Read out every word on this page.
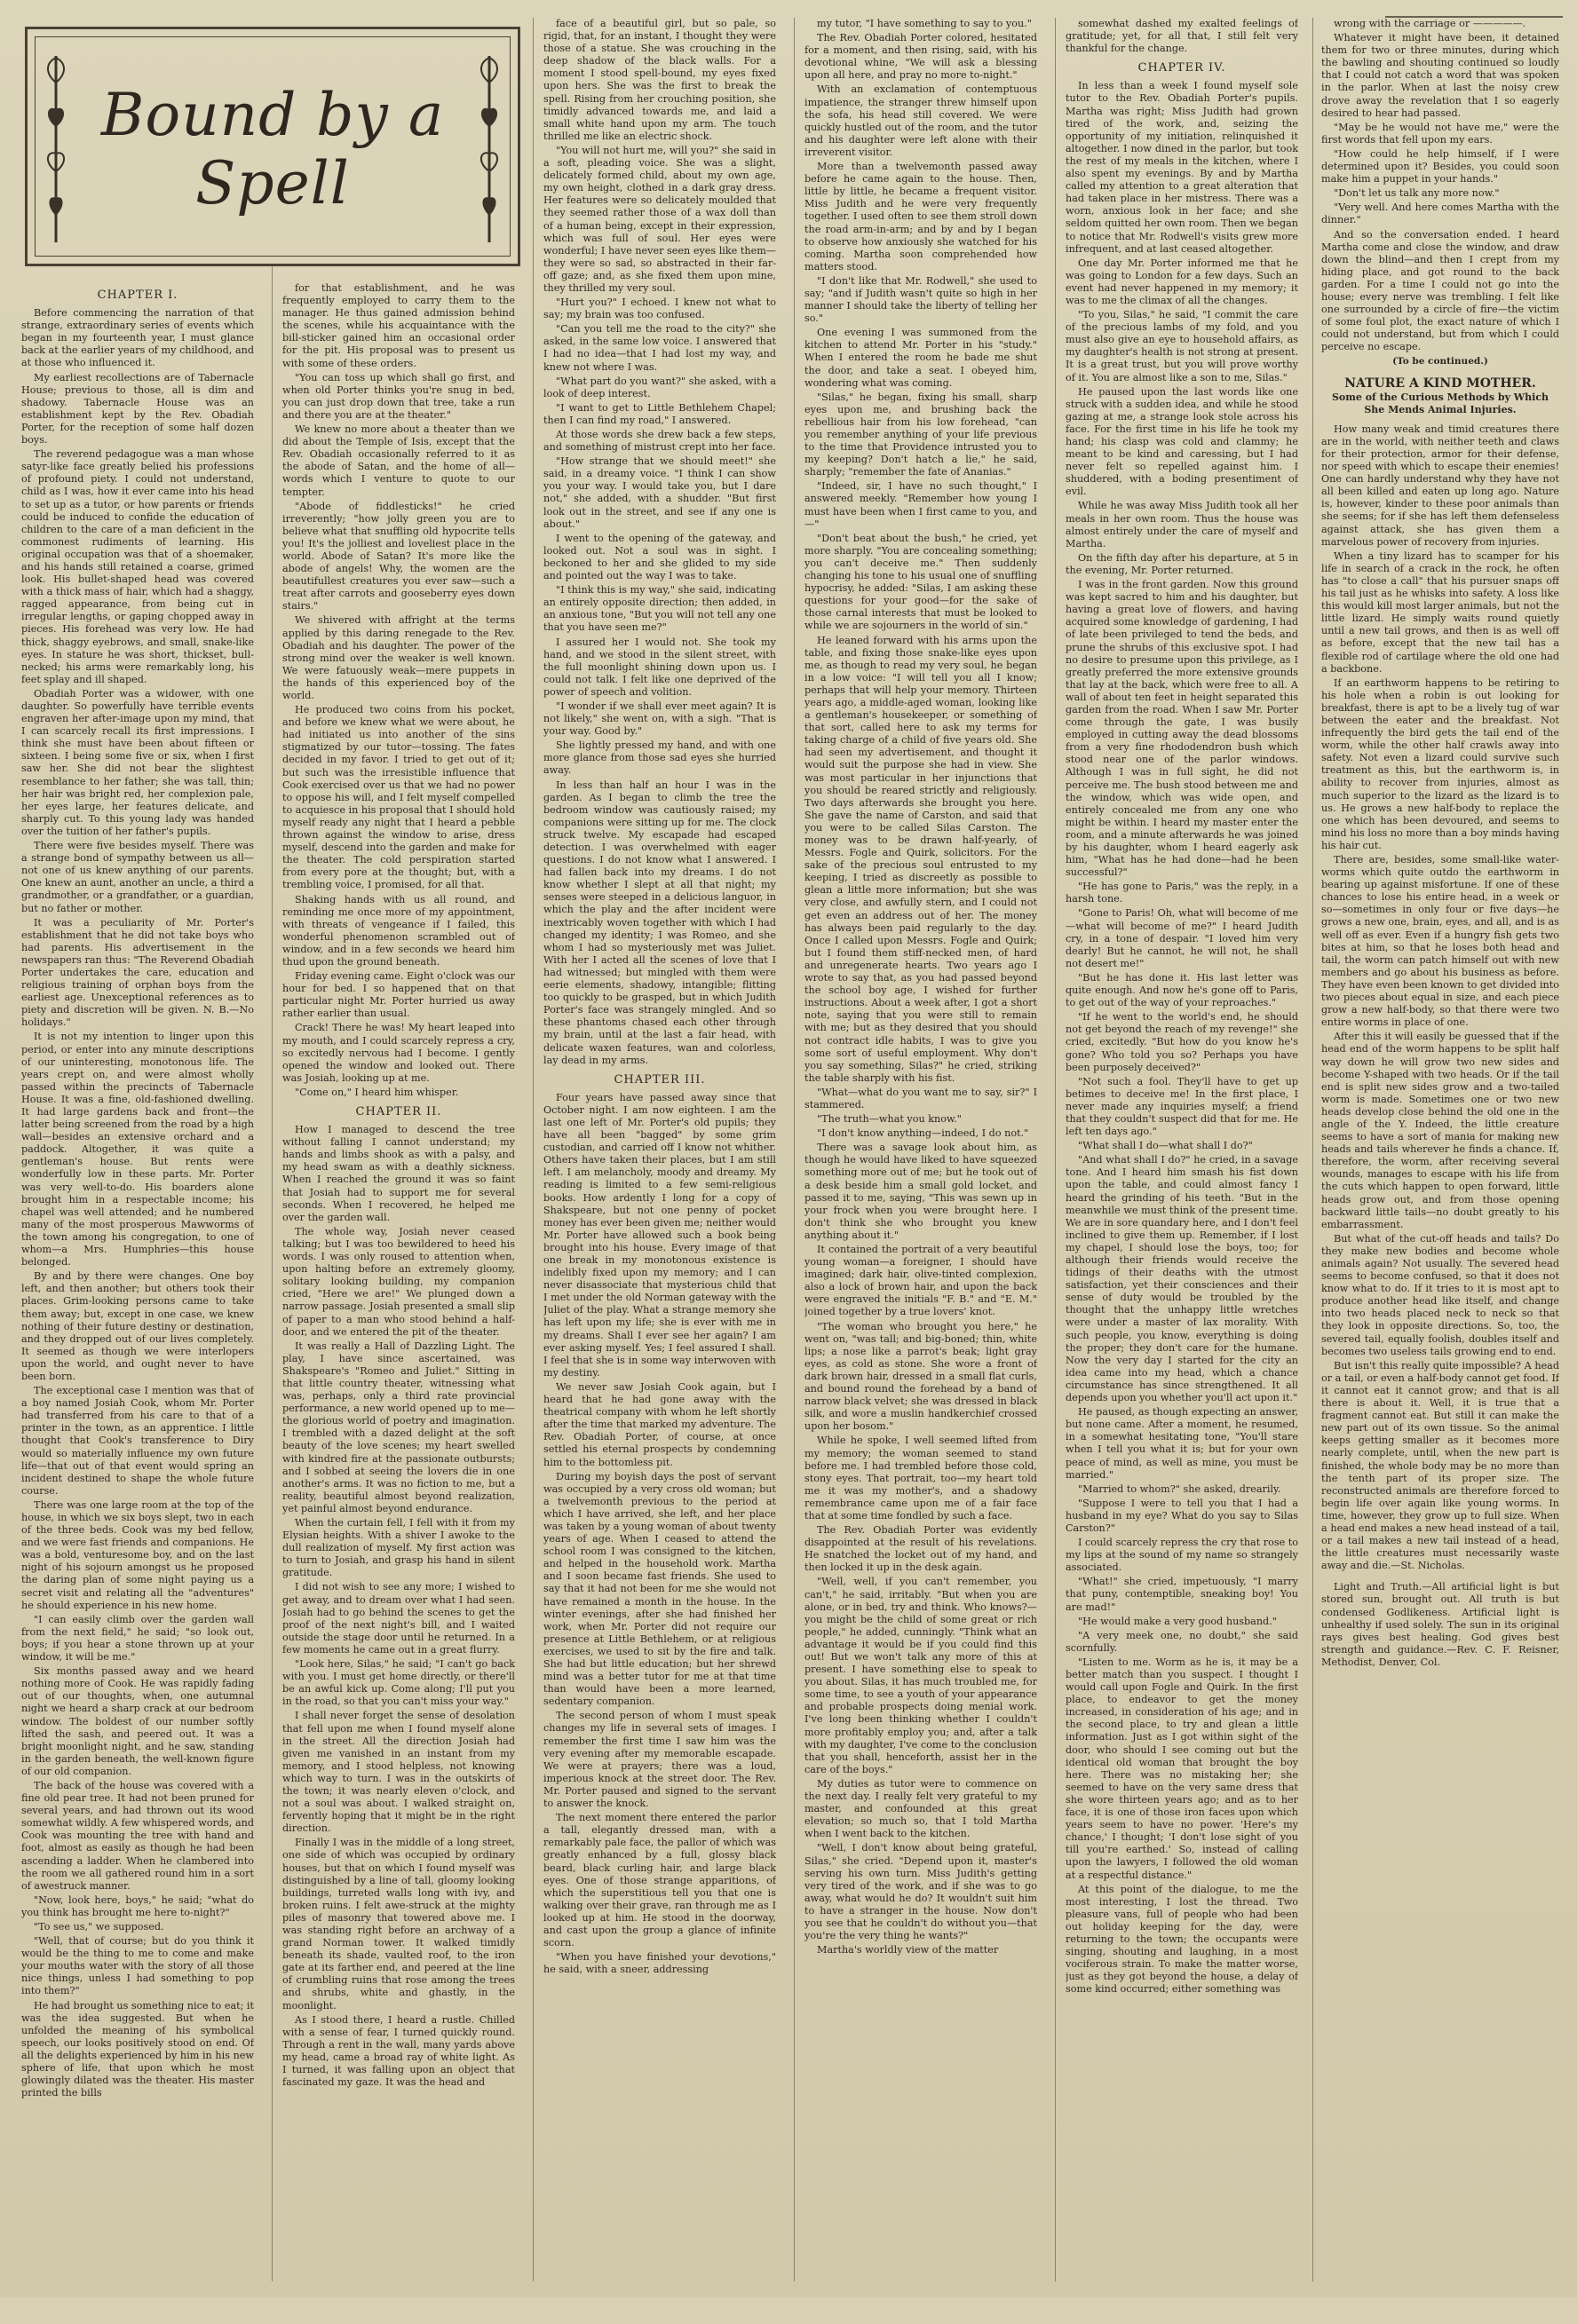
Bound by a Spell
CHAPTER I.

Before commencing the narration of that strange, extraordinary series of events which began in my fourteenth year, I must glance back at the earlier years of my childhood, and at those who influenced it.

My earliest recollections are of Tabernacle House; previous to those, all is dim and shadowy. Tabernacle House was an establishment kept by the Rev. Obadiah Porter, for the reception of some half dozen boys.

The reverend pedagogue was a man whose satyr-like face greatly belied his professions of profound piety. I could not understand, child as I was, how it ever came into his head to set up as a tutor, or how parents or friends could be induced to confide the education of children to the care of a man deficient in the commonest rudiments of learning. His original occupation was that of a shoemaker, and his hands still retained a coarse, grimed look. His bullet-shaped head was covered with a thick mass of hair, which had a shaggy, ragged appearance, from being cut in irregular lengths, or gaping chopped away in pieces. His forehead was very low. He had thick, shaggy eyebrows, and small, snake-like eyes. In stature he was short, thickset, bull-necked; his arms were remarkably long, his feet splay and ill shaped.

Obadiah Porter was a widower, with one daughter. So powerfully have terrible events engraven her after-image upon my mind, that I can scarcely recall its first impressions. I think she must have been about fifteen or sixteen. I being some five or six, when I first saw her. She did not bear the slightest resemblance to her father; she was tall, thin; her hair was bright red, her complexion pale, her eyes large, her features delicate, and sharply cut. To this young lady was handed over the tuition of her father's pupils.

There were five besides myself. There was a strange bond of sympathy between us all—not one of us knew anything of our parents. One knew an aunt, another an uncle, a third a grandmother, or a grandfather, or a guardian, but no father or mother.

It was a peculiarity of Mr. Porter's establishment that he did not take boys who had parents. His advertisement in the newspapers ran thus: "The Reverend Obadiah Porter undertakes the care, education and religious training of orphan boys from the earliest age. Unexceptional references as to piety and discretion will be given. N. B.—No holidays."

It is not my intention to linger upon this period, or enter into any minute descriptions of our uninteresting, monotonous life. The years crept on, and were almost wholly passed within the precincts of Tabernacle House. It was a fine, old-fashioned dwelling. It had large gardens back and front—the latter being screened from the road by a high wall—besides an extensive orchard and a paddock. Altogether, it was quite a gentleman's house. But rents were wonderfully low in these parts. Mr. Porter was very well-to-do. His boarders alone brought him in a respectable income; his chapel was well attended; and he numbered many of the most prosperous Mawworms of the town among his congregation, to one of whom—a Mrs. Humphries—this house belonged.

By and by there were changes. One boy left, and then another; but others took their places. Grim-looking persons came to take them away; but, except in one case, we knew nothing of their future destiny or destination, and they dropped out of our lives completely. It seemed as though we were interlopers upon the world, and ought never to have been born.

The exceptional case I mention was that of a boy named Josiah Cook, whom Mr. Porter had transferred from his care to that of a printer in the town, as an apprentice. I little thought that Cook's transference to Diry would so materially influence my own future life—that out of that event would spring an incident destined to shape the whole future course.

There was one large room at the top of the house, in which we six boys slept, two in each of the three beds. Cook was my bed fellow, and we were fast friends and companions. He was a bold, venturesome boy, and on the last night of his sojourn amongst us he proposed the daring plan of some night paying us a secret visit and relating all the "adventures" he should experience in his new home.

"I can easily climb over the garden wall from the next field," he said; "so look out, boys; if you hear a stone thrown up at your window, it will be me."

Six months passed away and we heard nothing more of Cook. He was rapidly fading out of our thoughts, when, one autumnal night we heard a sharp crack at our bedroom window. The boldest of our number softly lifted the sash, and peered out. It was a bright moonlight night, and he saw, standing in the garden beneath, the well-known figure of our old companion.

The back of the house was covered with a fine old pear tree. It had not been pruned for several years, and had thrown out its wood somewhat wildly. A few whispered words, and Cook was mounting the tree with hand and foot, almost as easily as though he had been ascending a ladder. When he clambered into the room we all gathered round him in a sort of awestruck manner.

"Now, look here, boys," he said; "what do you think has brought me here to-night?"

"To see us," we supposed.

"Well, that of course; but do you think it would be the thing to me to come and make your mouths water with the story of all those nice things, unless I had something to pop into them?"

He had brought us something nice to eat; it was the idea suggested. But when he unfolded the meaning of his symbolical speech, our looks positively stood on end. Of all the delights experienced by him in his new sphere of life, that upon which he most glowingly dilated was the theater. His master printed the bills

for that establishment, and he was frequently employed to carry them to the manager. He thus gained admission behind the scenes, while his acquaintance with the bill-sticker gained him an occasional order for the pit. His proposal was to present us with some of these orders.

"You can toss up which shall go first, and when old Porter thinks you're snug in bed, you can just drop down that tree, take a run and there you are at the theater."

We knew no more about a theater than we did about the Temple of Isis, except that the Rev. Obadiah occasionally referred to it as the abode of Satan, and the home of all—words which I venture to quote to our tempter.

"Abode of fiddlesticks!" he cried irreverently; "how jolly green you are to believe what that snuffling old hypocrite tells you! It's the jolliest and loveliest place in the world. Abode of Satan? It's more like the abode of angels! Why, the women are the beautifullest creatures you ever saw—such a treat after carrots and gooseberry eyes down stairs."

We shivered with affright at the terms applied by this daring renegade to the Rev. Obadiah and his daughter. The power of the strong mind over the weaker is well known. We were fatuously weak—mere puppets in the hands of this experienced boy of the world.

He produced two coins from his pocket, and before we knew what we were about, he had initiated us into another of the sins stigmatized by our tutor—tossing. The fates decided in my favor. I tried to get out of it; but such was the irresistible influence that Cook exercised over us that we had no power to oppose his will, and I felt myself compelled to acquiesce in his proposal that I should hold myself ready any night that I heard a pebble thrown against the window to arise, dress myself, descend into the garden and make for the theater. The cold perspiration started from every pore at the thought; but, with a trembling voice, I promised, for all that.

Shaking hands with us all round, and reminding me once more of my appointment, with threats of vengeance if I failed, this wonderful phenomenon scrambled out of window, and in a few seconds we heard him thud upon the ground beneath.

Friday evening came. Eight o'clock was our hour for bed. I so happened that on that particular night Mr. Porter hurried us away rather earlier than usual.

Crack! There he was! My heart leaped into my mouth, and I could scarcely repress a cry, so excitedly nervous had I become. I gently opened the window and looked out. There was Josiah, looking up at me.

"Come on," I heard him whisper.

CHAPTER II.

How I managed to descend the tree without falling I cannot understand; my hands and limbs shook as with a palsy, and my head swam as with a deathly sickness. When I reached the ground it was so faint that Josiah had to support me for several seconds. When I recovered, he helped me over the garden wall.

The whole way, Josiah never ceased talking; but I was too bewildered to heed his words. I was only roused to attention when, upon halting before an extremely gloomy, solitary looking building, my companion cried, "Here we are!" We plunged down a narrow passage. Josiah presented a small slip of paper to a man who stood behind a half-door, and we entered the pit of the theater.

It was really a Hall of Dazzling Light. The play, I have since ascertained, was Shakspeare's "Romeo and Juliet." Sitting in that little country theater, witnessing what was, perhaps, only a third rate provincial performance, a new world opened up to me—the glorious world of poetry and imagination. I trembled with a dazed delight at the soft beauty of the love scenes; my heart swelled with kindred fire at the passionate outbursts; and I sobbed at seeing the lovers die in one another's arms. It was no fiction to me, but a reality, beautiful almost beyond realization, yet painful almost beyond endurance.

When the curtain fell, I fell with it from my Elysian heights. With a shiver I awoke to the dull realization of myself. My first action was to turn to Josiah, and grasp his hand in silent gratitude.

I did not wish to see any more; I wished to get away, and to dream over what I had seen. Josiah had to go behind the scenes to get the proof of the next night's bill, and I waited outside the stage door until he returned. In a few moments he came out in a great flurry.

"Look here, Silas," he said; "I can't go back with you. I must get home directly, or there'll be an awful kick up. Come along; I'll put you in the road, so that you can't miss your way."

I shall never forget the sense of desolation that fell upon me when I found myself alone in the street. All the direction Josiah had given me vanished in an instant from my memory, and I stood helpless, not knowing which way to turn. I was in the outskirts of the town; it was nearly eleven o'clock, and not a soul was about. I walked straight on, fervently hoping that it might be in the right direction.

Finally I was in the middle of a long street, one side of which was occupied by ordinary houses, but that on which I found myself was distinguished by a line of tall, gloomy looking buildings, turreted walls long with ivy, and broken ruins. I felt awe-struck at the mighty piles of masonry that towered above me. I was standing right before an archway of a grand Norman tower. It walked timidly beneath its shade, vaulted roof, to the iron gate at its farther end, and peered at the line of crumbling ruins that rose among the trees and shrubs, white and ghastly, in the moonlight.

As I stood there, I heard a rustle. Chilled with a sense of fear, I turned quickly round. Through a rent in the wall, many yards above my head, came a broad ray of white light. As I turned, it was falling upon an object that fascinated my gaze. It was the head and

face of a beautiful girl, but so pale, so rigid, that, for an instant, I thought they were those of a statue. She was crouching in the deep shadow of the black walls. For a moment I stood spell-bound, my eyes fixed upon hers. She was the first to break the spell. Rising from her crouching position, she timidly advanced towards me, and laid a small white hand upon my arm. The touch thrilled me like an electric shock.

"You will not hurt me, will you?" she said in a soft, pleading voice. She was a slight, delicately formed child, about my own age, my own height, clothed in a dark gray dress. Her features were so delicately moulded that they seemed rather those of a wax doll than of a human being, except in their expression, which was full of soul. Her eyes were wonderful; I have never seen eyes like them—they were so sad, so abstracted in their far-off gaze; and, as she fixed them upon mine, they thrilled my very soul.

"Hurt you?" I echoed. I knew not what to say; my brain was too confused.

"Can you tell me the road to the city?" she asked, in the same low voice. I answered that I had no idea—that I had lost my way, and knew not where I was.

"What part do you want?" she asked, with a look of deep interest.

"I want to get to Little Bethlehem Chapel; then I can find my road," I answered.

At those words she drew back a few steps, and something of mistrust crept into her face.

"How strange that we should meet!" she said, in a dreamy voice. "I think I can show you your way. I would take you, but I dare not," she added, with a shudder. "But first look out in the street, and see if any one is about."

I went to the opening of the gateway, and looked out. Not a soul was in sight. I beckoned to her and she glided to my side and pointed out the way I was to take.

"I think this is my way," she said, indicating an entirely opposite direction; then added, in an anxious tone, "But you will not tell any one that you have seen me?"

I assured her I would not. She took my hand, and we stood in the silent street, with the full moonlight shining down upon us. I could not talk. I felt like one deprived of the power of speech and volition.

"I wonder if we shall ever meet again? It is not likely," she went on, with a sigh. "That is your way. Good by."

She lightly pressed my hand, and with one more glance from those sad eyes she hurried away.

In less than half an hour I was in the garden. As I began to climb the tree the bedroom window was cautiously raised; my companions were sitting up for me. The clock struck twelve. My escapade had escaped detection. I was overwhelmed with eager questions. I do not know what I answered. I had fallen back into my dreams. I do not know whether I slept at all that night; my senses were steeped in a delicious languor, in which the play and the after incident were inextricably woven together with which I had changed my identity; I was Romeo, and she whom I had so mysteriously met was Juliet. With her I acted all the scenes of love that I had witnessed; but mingled with them were eerie elements, shadowy, intangible; flitting too quickly to be grasped, but in which Judith Porter's face was strangely mingled. And so these phantoms chased each other through my brain, until at the last a fair head, with delicate waxen features, wan and colorless, lay dead in my arms.

CHAPTER III.

Four years have passed away since that October night. I am now eighteen. I am the last one left of Mr. Porter's old pupils; they have all been "bagged" by some grim custodian, and carried off I know not whither. Others have taken their places, but I am still left. I am melancholy, moody and dreamy. My reading is limited to a few semi-religious books. How ardently I long for a copy of Shakspeare, but not one penny of pocket money has ever been given me; neither would Mr. Porter have allowed such a book being brought into his house. Every image of that one break in my monotonous existence is indelibly fixed upon my memory; and I can never disassociate that mysterious child that I met under the old Norman gateway with the Juliet of the play. What a strange memory she has left upon my life; she is ever with me in my dreams. Shall I ever see her again? I am ever asking myself. Yes; I feel assured I shall. I feel that she is in some way interwoven with my destiny.

We never saw Josiah Cook again, but I heard that he had gone away with the theatrical company with whom he left shortly after the time that marked my adventure. The Rev. Obadiah Porter, of course, at once settled his eternal prospects by condemning him to the bottomless pit.

During my boyish days the post of servant was occupied by a very cross old woman; but a twelvemonth previous to the period at which I have arrived, she left, and her place was taken by a young woman of about twenty years of age. When I ceased to attend the school room I was consigned to the kitchen, and helped in the household work. Martha and I soon became fast friends. She used to say that it had not been for me she would not have remained a month in the house. In the winter evenings, after she had finished her work, when Mr. Porter did not require our presence at Little Bethlehem, or at religious exercises, we used to sit by the fire and talk. She had but little education; but her shrewd mind was a better tutor for me at that time than would have been a more learned, sedentary companion.

The second person of whom I must speak changes my life in several sets of images. I remember the first time I saw him was the very evening after my memorable escapade. We were at prayers; there was a loud, imperious knock at the street door. The Rev. Mr. Porter paused and signed to the servant to answer the knock.

The next moment there entered the parlor a tall, elegantly dressed man, with a remarkably pale face, the pallor of which was greatly enhanced by a full, glossy black beard, black curling hair, and large black eyes. One of those strange apparitions, of which the superstitious tell you that one is walking over their grave, ran through me as I looked up at him. He stood in the doorway, and cast upon the group a glance of infinite scorn.

"When you have finished your devotions," he said, with a sneer, addressing

my tutor, "I have something to say to you."

The Rev. Obadiah Porter colored, hesitated for a moment, and then rising, said, with his devotional whine, "We will ask a blessing upon all here, and pray no more to-night."

With an exclamation of contemptuous impatience, the stranger threw himself upon the sofa, his head still covered. We were quickly hustled out of the room, and the tutor and his daughter were left alone with their irreverent visitor.

More than a twelvemonth passed away before he came again to the house. Then, little by little, he became a frequent visitor. Miss Judith and he were very frequently together. I used often to see them stroll down the road arm-in-arm; and by and by I began to observe how anxiously she watched for his coming. Martha soon comprehended how matters stood.

"I don't like that Mr. Rodwell," she used to say; "and if Judith wasn't quite so high in her manner I should take the liberty of telling her so."

One evening I was summoned from the kitchen to attend Mr. Porter in his "study." When I entered the room he bade me shut the door, and take a seat. I obeyed him, wondering what was coming.

"Silas," he began, fixing his small, sharp eyes upon me, and brushing back the rebellious hair from his low forehead, "can you remember anything of your life previous to the time that Providence intrusted you to my keeping? Don't hatch a lie," he said, sharply; "remember the fate of Ananias."

"Indeed, sir, I have no such thought," I answered meekly. "Remember how young I must have been when I first came to you, and—"

"Don't beat about the bush," he cried, yet more sharply. "You are concealing something; you can't deceive me." Then suddenly changing his tone to his usual one of snuffling hypocrisy, he added: "Silas, I am asking these questions for your good—for the sake of those carnal interests that must be looked to while we are sojourners in the world of sin."

He leaned forward with his arms upon the table, and fixing those snake-like eyes upon me, as though to read my very soul, he began in a low voice: "I will tell you all I know; perhaps that will help your memory. Thirteen years ago, a middle-aged woman, looking like a gentleman's housekeeper, or something of that sort, called here to ask my terms for taking charge of a child of five years old. She had seen my advertisement, and thought it would suit the purpose she had in view. She was most particular in her injunctions that you should be reared strictly and religiously. Two days afterwards she brought you here. She gave the name of Carston, and said that you were to be called Silas Carston. The money was to be drawn half-yearly, of Messrs. Fogle and Quirk, solicitors. For the sake of the precious soul entrusted to my keeping, I tried as discreetly as possible to glean a little more information; but she was very close, and awfully stern, and I could not get even an address out of her. The money has always been paid regularly to the day. Once I called upon Messrs. Fogle and Quirk; but I found them stiff-necked men, of hard and unregenerate hearts. Two years ago I wrote to say that, as you had passed beyond the school boy age, I wished for further instructions. About a week after, I got a short note, saying that you were still to remain with me; but as they desired that you should not contract idle habits, I was to give you some sort of useful employment. Why don't you say something, Silas?" he cried, striking the table sharply with his fist.

"What—what do you want me to say, sir?" I stammered.

"The truth—what you know."

"I don't know anything—indeed, I do not."

There was a savage look about him, as though he would have liked to have squeezed something more out of me; but he took out of a desk beside him a small gold locket, and passed it to me, saying, "This was sewn up in your frock when you were brought here. I don't think she who brought you knew anything about it."

It contained the portrait of a very beautiful young woman—a foreigner, I should have imagined; dark hair, olive-tinted complexion, also a lock of brown hair, and upon the back were engraved the initials "F. B." and "E. M." joined together by a true lovers' knot.

"The woman who brought you here," he went on, "was tall; and big-boned; thin, white lips; a nose like a parrot's beak; light gray eyes, as cold as stone. She wore a front of dark brown hair, dressed in a small flat curls, and bound round the forehead by a band of narrow black velvet; she was dressed in black silk, and wore a muslin handkerchief crossed upon her bosom."

While he spoke, I well seemed lifted from my memory; the woman seemed to stand before me. I had trembled before those cold, stony eyes. That portrait, too—my heart told me it was my mother's, and a shadowy remembrance came upon me of a fair face that at some time fondled by such a face.

The Rev. Obadiah Porter was evidently disappointed at the result of his revelations. He snatched the locket out of my hand, and then locked it up in the desk again.

"Well, well, if you can't remember, you can't," he said, irritably. "But when you are alone, or in bed, try and think. Who knows?—you might be the child of some great or rich people," he added, cunningly. "Think what an advantage it would be if you could find this out! But we won't talk any more of this at present. I have something else to speak to you about. Silas, it has much troubled me, for some time, to see a youth of your appearance and probable prospects doing menial work. I've long been thinking whether I couldn't more profitably employ you; and, after a talk with my daughter, I've come to the conclusion that you shall, henceforth, assist her in the care of the boys."

My duties as tutor were to commence on the next day. I really felt very grateful to my master, and confounded at this great elevation; so much so, that I told Martha when I went back to the kitchen.

"Well, I don't know about being grateful, Silas," she cried. "Depend upon it, master's serving his own turn. Miss Judith's getting very tired of the work, and if she was to go away, what would he do? It wouldn't suit him to have a stranger in the house. Now don't you see that he couldn't do without you—that you're the very thing he wants?"

Martha's worldly view of the matter

somewhat dashed my exalted feelings of gratitude; yet, for all that, I still felt very thankful for the change.

CHAPTER IV.

In less than a week I found myself sole tutor to the Rev. Obadiah Porter's pupils. Martha was right; Miss Judith had grown tired of the work, and, seizing the opportunity of my initiation, relinquished it altogether. I now dined in the parlor, but took the rest of my meals in the kitchen, where I also spent my evenings. By and by Martha called my attention to a great alteration that had taken place in her mistress. There was a worn, anxious look in her face; and she seldom quitted her own room. Then we began to notice that Mr. Rodwell's visits grew more infrequent, and at last ceased altogether.

One day Mr. Porter informed me that he was going to London for a few days. Such an event had never happened in my memory; it was to me the climax of all the changes.

"To you, Silas," he said, "I commit the care of the precious lambs of my fold, and you must also give an eye to household affairs, as my daughter's health is not strong at present. It is a great trust, but you will prove worthy of it. You are almost like a son to me, Silas."

He paused upon the last words like one struck with a sudden idea, and while he stood gazing at me, a strange look stole across his face. For the first time in his life he took my hand; his clasp was cold and clammy; he meant to be kind and caressing, but I had never felt so repelled against him. I shuddered, with a boding presentiment of evil.

While he was away Miss Judith took all her meals in her own room. Thus the house was almost entirely under the care of myself and Martha.

On the fifth day after his departure, at 5 in the evening, Mr. Porter returned.

I was in the front garden. Now this ground was kept sacred to him and his daughter, but having a great love of flowers, and having acquired some knowledge of gardening, I had of late been privileged to tend the beds, and prune the shrubs of this exclusive spot. I had no desire to presume upon this privilege, as I greatly preferred the more extensive grounds that lay at the back, which were free to all. A wall of about ten feet in height separated this garden from the road. When I saw Mr. Porter come through the gate, I was busily employed in cutting away the dead blossoms from a very fine rhododendron bush which stood near one of the parlor windows. Although I was in full sight, he did not perceive me. The bush stood between me and the window, which was wide open, and entirely concealed me from any one who might be within. I heard my master enter the room, and a minute afterwards he was joined by his daughter, whom I heard eagerly ask him, "What has he had done—had he been successful?"

"He has gone to Paris," was the reply, in a harsh tone.

"Gone to Paris! Oh, what will become of me—what will become of me?" I heard Judith cry, in a tone of despair. "I loved him very dearly! But he cannot, he will not, he shall not desert me!"

"But he has done it. His last letter was quite enough. And now he's gone off to Paris, to get out of the way of your reproaches."

"If he went to the world's end, he should not get beyond the reach of my revenge!" she cried, excitedly. "But how do you know he's gone? Who told you so? Perhaps you have been purposely deceived?"

"Not such a fool. They'll have to get up betimes to deceive me! In the first place, I never made any inquiries myself; a friend that they couldn't suspect did that for me. He left ten days ago."

"What shall I do—what shall I do?"

"And what shall I do?" he cried, in a savage tone. And I heard him smash his fist down upon the table, and could almost fancy I heard the grinding of his teeth. "But in the meanwhile we must think of the present time. We are in sore quandary here, and I don't feel inclined to give them up. Remember, if I lost my chapel, I should lose the boys, too; for although their friends would receive the tidings of their deaths with the utmost satisfaction, yet their consciences and their sense of duty would be troubled by the thought that the unhappy little wretches were under a master of lax morality. With such people, you know, everything is doing the proper; they don't care for the humane. Now the very day I started for the city an idea came into my head, which a chance circumstance has since strengthened. It all depends upon you whether you'll act upon it."

He paused, as though expecting an answer, but none came. After a moment, he resumed, in a somewhat hesitating tone, "You'll stare when I tell you what it is; but for your own peace of mind, as well as mine, you must be married."

"Married to whom?" she asked, drearily.

"Suppose I were to tell you that I had a husband in my eye? What do you say to Silas Carston?"

I could scarcely repress the cry that rose to my lips at the sound of my name so strangely associated.

"What!" she cried, impetuously, "I marry that puny, contemptible, sneaking boy! You are mad!"

"He would make a very good husband."

"A very meek one, no doubt," she said scornfully.

"Listen to me. Worm as he is, it may be a better match than you suspect. I thought I would call upon Fogle and Quirk. In the first place, to endeavor to get the money increased, in consideration of his age; and in the second place, to try and glean a little information. Just as I got within sight of the door, who should I see coming out but the identical old woman that brought the boy here. There was no mistaking her; she seemed to have on the very same dress that she wore thirteen years ago; and as to her face, it is one of those iron faces upon which years seem to have no power. 'Here's my chance,' I thought; 'I don't lose sight of you till you're earthed.' So, instead of calling upon the lawyers, I followed the old woman at a respectful distance."

At this point of the dialogue, to me the most interesting, I lost the thread. Two pleasure vans, full of people who had been out holiday keeping for the day, were returning to the town; the occupants were singing, shouting and laughing, in a most vociferous strain. To make the matter worse, just as they got beyond the house, a delay of some kind occurred; either something was

wrong with the carriage or —————.

Whatever it might have been, it detained them for two or three minutes, during which the bawling and shouting continued so loudly that I could not catch a word that was spoken in the parlor. When at last the noisy crew drove away the revelation that I so eagerly desired to hear had passed.

"May be he would not have me," were the first words that fell upon my ears.

"How could he help himself, if I were determined upon it? Besides, you could soon make him a puppet in your hands."

"Don't let us talk any more now."

"Very well. And here comes Martha with the dinner."

And so the conversation ended. I heard Martha come and close the window, and draw down the blind—and then I crept from my hiding place, and got round to the back garden. For a time I could not go into the house; every nerve was trembling. I felt like one surrounded by a circle of fire—the victim of some foul plot, the exact nature of which I could not understand, but from which I could perceive no escape.

(To be continued.)
NATURE A KIND MOTHER.
Some of the Curious Methods by Which She Mends Animal Injuries.

How many weak and timid creatures there are in the world, with neither teeth and claws for their protection, armor for their defense, nor speed with which to escape their enemies! One can hardly understand why they have not all been killed and eaten up long ago. Nature is, however, kinder to these poor animals than she seems; for if she has left them defenseless against attack, she has given them a marvelous power of recovery from injuries.

When a tiny lizard has to scamper for his life in search of a crack in the rock, he often has "to close a call" that his pursuer snaps off his tail just as he whisks into safety. A loss like this would kill most larger animals, but not the little lizard. He simply waits round quietly until a new tail grows, and then is as well off as before, except that the new tail has a flexible rod of cartilage where the old one had a backbone.

If an earthworm happens to be retiring to his hole when a robin is out looking for breakfast, there is apt to be a lively tug of war between the eater and the breakfast. Not infrequently the bird gets the tail end of the worm, while the other half crawls away into safety. Not even a lizard could survive such treatment as this, but the earthworm is, in ability to recover from injuries, almost as much superior to the lizard as the lizard is to us. He grows a new half-body to replace the one which has been devoured, and seems to mind his loss no more than a boy minds having his hair cut.

There are, besides, some small-like water-worms which quite outdo the earthworm in bearing up against misfortune. If one of these chances to lose his entire head, in a week or so—sometimes in only four or five days—he grows a new one, brain, eyes, and all, and is as well off as ever. Even if a hungry fish gets two bites at him, so that he loses both head and tail, the worm can patch himself out with new members and go about his business as before. They have even been known to get divided into two pieces about equal in size, and each piece grow a new half-body, so that there were two entire worms in place of one.

After this it will easily be guessed that if the head end of the worm happens to be split half way down he will grow two new sides and become Y-shaped with two heads. Or if the tail end is split new sides grow and a two-tailed worm is made. Sometimes one or two new heads develop close behind the old one in the angle of the Y. Indeed, the little creature seems to have a sort of mania for making new heads and tails wherever he finds a chance. If, therefore, the worm, after receiving several wounds, manages to escape with his life from the cuts which happen to open forward, little heads grow out, and from those opening backward little tails—no doubt greatly to his embarrassment.

But what of the cut-off heads and tails? Do they make new bodies and become whole animals again? Not usually. The severed head seems to become confused, so that it does not know what to do. If it tries to it is most apt to produce another head like itself, and change into two heads placed neck to neck so that they look in opposite directions. So, too, the severed tail, equally foolish, doubles itself and becomes two useless tails growing end to end.

But isn't this really quite impossible? A head or a tail, or even a half-body cannot get food. If it cannot eat it cannot grow; and that is all there is about it. Well, it is true that a fragment cannot eat. But still it can make the new part out of its own tissue. So the animal keeps getting smaller as it becomes more nearly complete, until, when the new part is finished, the whole body may be no more than the tenth part of its proper size. The reconstructed animals are therefore forced to begin life over again like young worms. In time, however, they grow up to full size. When a head end makes a new head instead of a tail, or a tail makes a new tail instead of a head, the little creatures must necessarily waste away and die.—St. Nicholas.

Light and Truth.—All artificial light is but stored sun, brought out. All truth is but condensed Godlikeness. Artificial light is unhealthy if used solely. The sun in its original rays gives best healing. God gives best strength and guidance.—Rev. C. F. Reisner, Methodist, Denver, Col.
